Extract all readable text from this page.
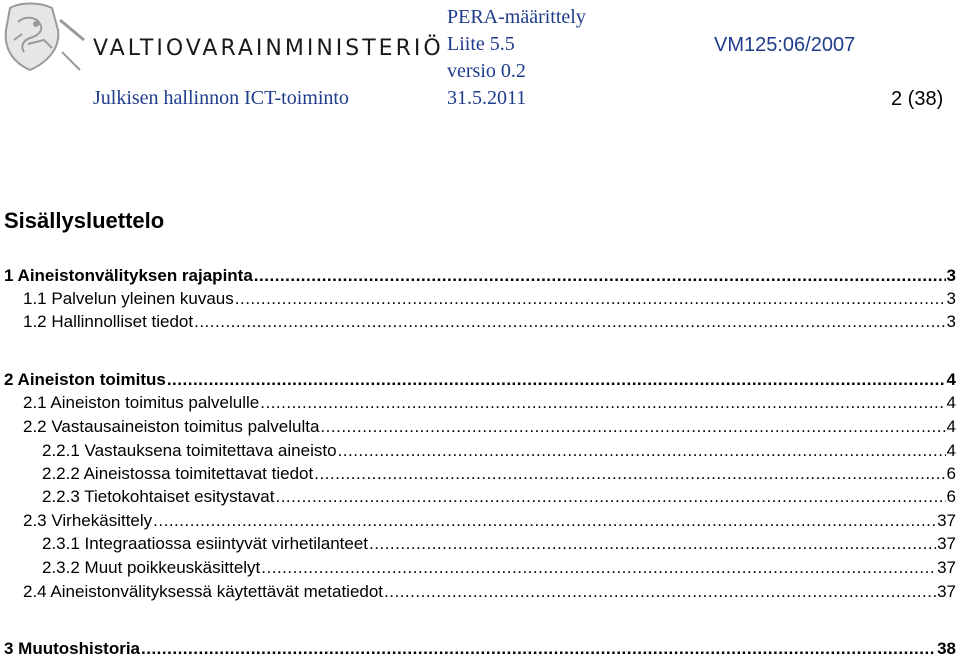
VALTIOVARAINMINISTERIÖ
PERA-määrittely
Liite 5.5	VM125:06/2007
versio 0.2
Julkisen hallinnon ICT-toiminto	31.5.2011	2 (38)
Sisällysluettelo
1 Aineistonvälityksen rajapinta .....	3
1.1 Palvelun yleinen kuvaus .....	3
1.2 Hallinnolliset tiedot .....	3
2 Aineiston toimitus .....	4
2.1 Aineiston toimitus palvelulle .....	4
2.2 Vastausaineiston toimitus palvelulta .....	4
2.2.1 Vastauksena toimitettava aineisto .....	4
2.2.2 Aineistossa toimitettavat tiedot .....	6
2.2.3 Tietokohtaiset esitystavat .....	6
2.3 Virhekäsittely .....	37
2.3.1 Integraatiossa esiintyvät virhetilanteet .....	37
2.3.2 Muut poikkeuskäsittelyt .....	37
2.4 Aineistonvälityksessä käytettävät metatiedot .....	37
3 Muutoshistoria .....	38
